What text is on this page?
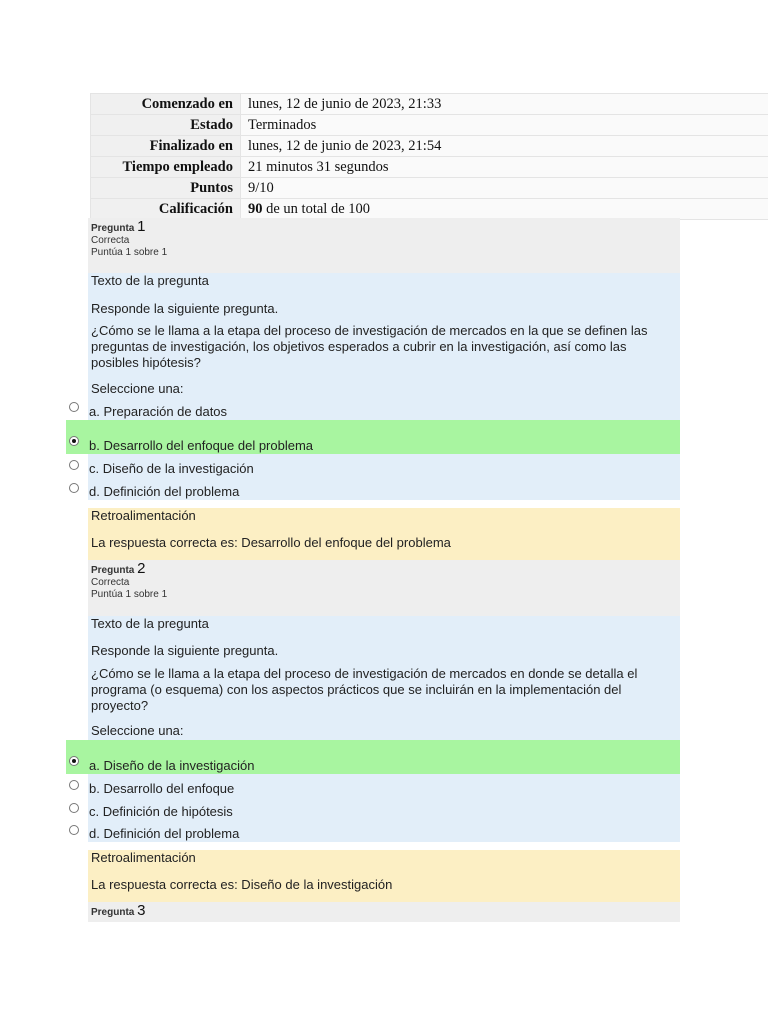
Comenzado en	lunes, 12 de junio de 2023, 21:33
Estado	Terminados
Finalizado en	lunes, 12 de junio de 2023, 21:54
Tiempo empleado	21 minutos 31 segundos
Puntos	9/10
Calificación	90 de un total de 100
Pregunta 1
Correcta
Puntúa 1 sobre 1
Texto de la pregunta
Responde la siguiente pregunta.
¿Cómo se le llama a la etapa del proceso de investigación de mercados en la que se definen las preguntas de investigación, los objetivos esperados a cubrir en la investigación, así como las posibles hipótesis?
Seleccione una:
a. Preparación de datos
b. Desarrollo del enfoque del problema
c. Diseño de la investigación
d. Definición del problema
Retroalimentación
La respuesta correcta es: Desarrollo del enfoque del problema
Pregunta 2
Correcta
Puntúa 1 sobre 1
Texto de la pregunta
Responde la siguiente pregunta.
¿Cómo se le llama a la etapa del proceso de investigación de mercados en donde se detalla el programa (o esquema) con los aspectos prácticos que se incluirán en la implementación del proyecto?
Seleccione una:
a. Diseño de la investigación
b. Desarrollo del enfoque
c. Definición de hipótesis
d. Definición del problema
Retroalimentación
La respuesta correcta es: Diseño de la investigación
Pregunta 3
